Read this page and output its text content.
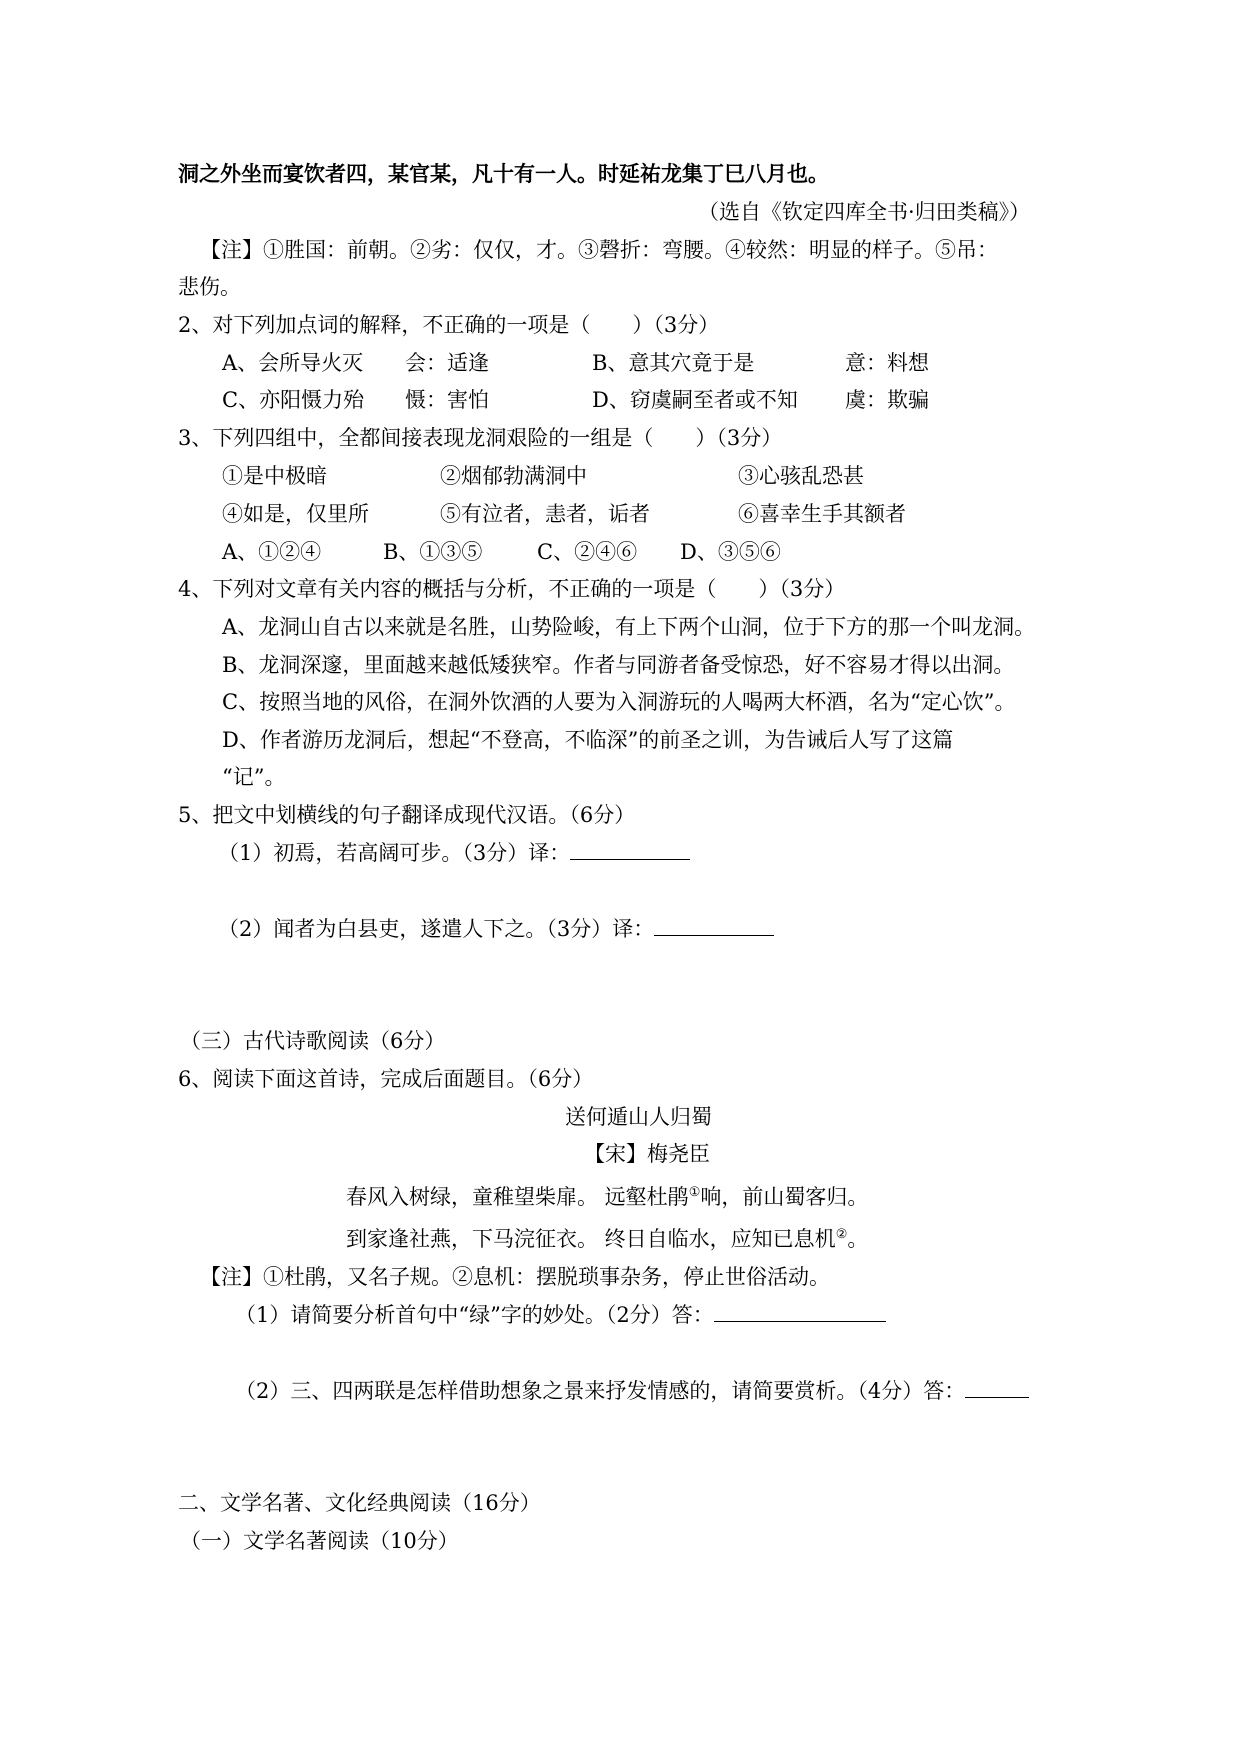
洞之外坐而宴饮者四，某官某，凡十有一人。时延祐龙集丁巳八月也。
（选自《钦定四库全书·归田类稿》）
【注】①胜国：前朝。②劣：仅仅，才。③磬折：弯腰。④较然：明显的样子。⑤吊：
悲伤。
2、对下列加点词的解释，不正确的一项是（　　）（3分）
A、会所导火灭 会：适逢	B、意其穴竟于是	意：料想
C、亦阳慑力殆 慑：害怕	D、窃虞嗣至者或不知 虞：欺骗
3、下列四组中，全都间接表现龙洞艰险的一组是（　　）（3分）
①是中极暗	②烟郁勃满洞中	③心骇乱恐甚
④如是，仅里所	⑤有泣者，恚者，诟者	⑥喜幸生手其额者
A、①②④	B、①③⑤	C、②④⑥ D、③⑤⑥
4、下列对文章有关内容的概括与分析，不正确的一项是（　　）（3分）
A、龙洞山自古以来就是名胜，山势险峻，有上下两个山洞，位于下方的那一个叫龙洞。
B、龙洞深邃，里面越来越低矮狭窄。作者与同游者备受惊恐，好不容易才得以出洞。
C、按照当地的风俗，在洞外饮酒的人要为入洞游玩的人喝两大杯酒，名为“定心饮”。
D、作者游历龙洞后，想起“不登高，不临深”的前圣之训，为告诫后人写了这篇
“记”。
5、把文中划横线的句子翻译成现代汉语。（6分）
（1）初焉，若高阔可步。（3分）译：
（2）闻者为白县吏，遂遣人下之。（3分）译：
（三）古代诗歌阅读（6分）
6、阅读下面这首诗，完成后面题目。（6分）
送何遁山人归蜀
【宋】梅尧臣
春风入树绿，童稚望柴扉。 远壑杜鹃①响，前山蜀客归。
到家逢社燕，下马浣征衣。 终日自临水，应知已息机②。
【注】①杜鹃，又名子规。②息机：摆脱琐事杂务，停止世俗活动。
（1）请简要分析首句中“绿”字的妙处。（2分）答：
（2）三、四两联是怎样借助想象之景来抒发情感的，请简要赏析。（4分）答：
二、文学名著、文化经典阅读（16分）
（一）文学名著阅读（10分）
